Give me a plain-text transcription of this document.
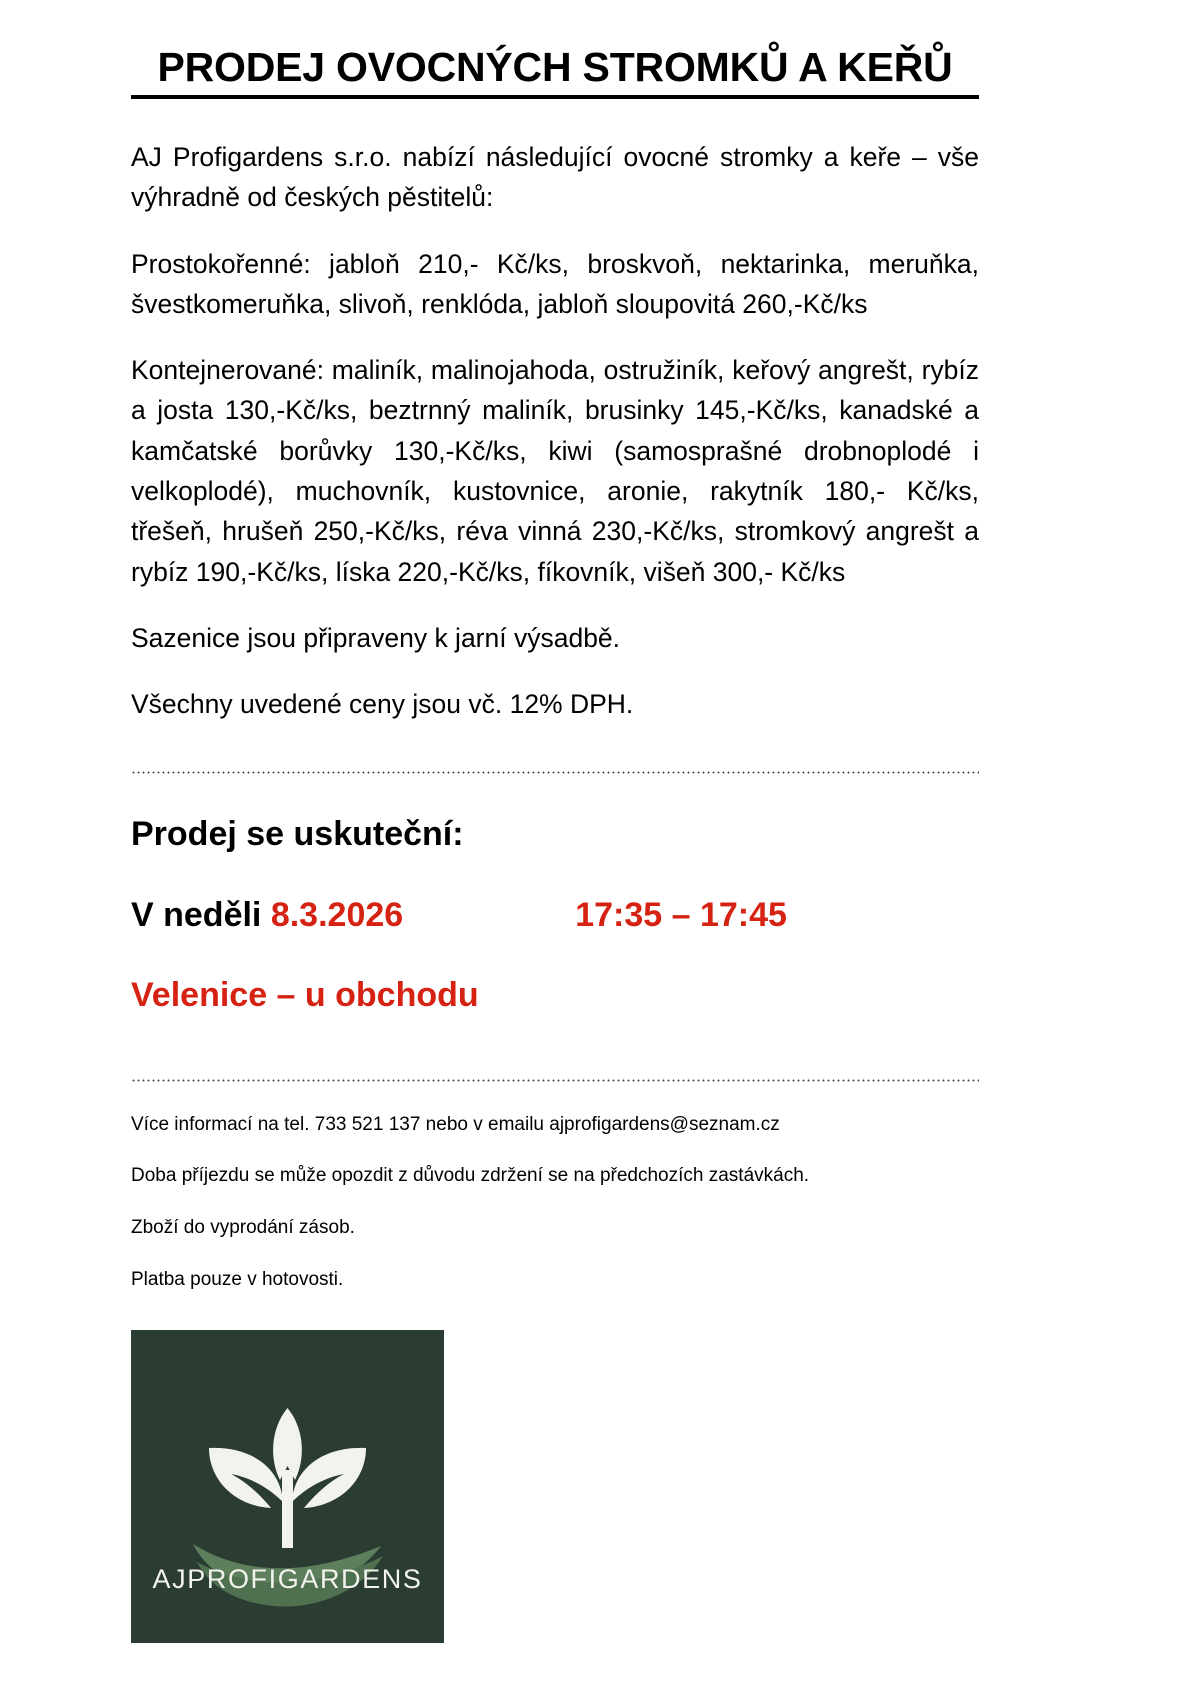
PRODEJ OVOCNÝCH STROMKŮ A KEŘŮ

AJ Profigardens s.r.o. nabízí následující ovocné stromky a keře – vše výhradně od českých pěstitelů:

Prostokořenné: jabloň 210,- Kč/ks, broskvoň, nektarinka, meruňka, švestkomeruňka, slivoň, renklóda, jabloň sloupovitá 260,-Kč/ks

Kontejnerované: maliník, malinojahoda, ostružiník, keřový angrešt, rybíz a josta 130,-Kč/ks, beztrnný maliník, brusinky 145,-Kč/ks, kanadské a kamčatské borůvky 130,-Kč/ks, kiwi (samosprašné drobnoplodé i velkoplodé), muchovník, kustovnice, aronie, rakytník 180,- Kč/ks, třešeň, hrušeň 250,-Kč/ks, réva vinná 230,-Kč/ks, stromkový angrešt a rybíz 190,-Kč/ks, líska 220,-Kč/ks, fíkovník, višeň 300,- Kč/ks

Sazenice jsou připraveny k jarní výsadbě.

Všechny uvedené ceny jsou vč. 12% DPH.

Prodej se uskuteční:

V neděli 8.3.2026	17:35 – 17:45

Velenice – u obchodu

Více informací na tel. 733 521 137 nebo v emailu ajprofigardens@seznam.cz

Doba příjezdu se může opozdit z důvodu zdržení se na předchozích zastávkách.

Zboží do vyprodání zásob.

Platba pouze v hotovosti.

AJPROFIGARDENS
